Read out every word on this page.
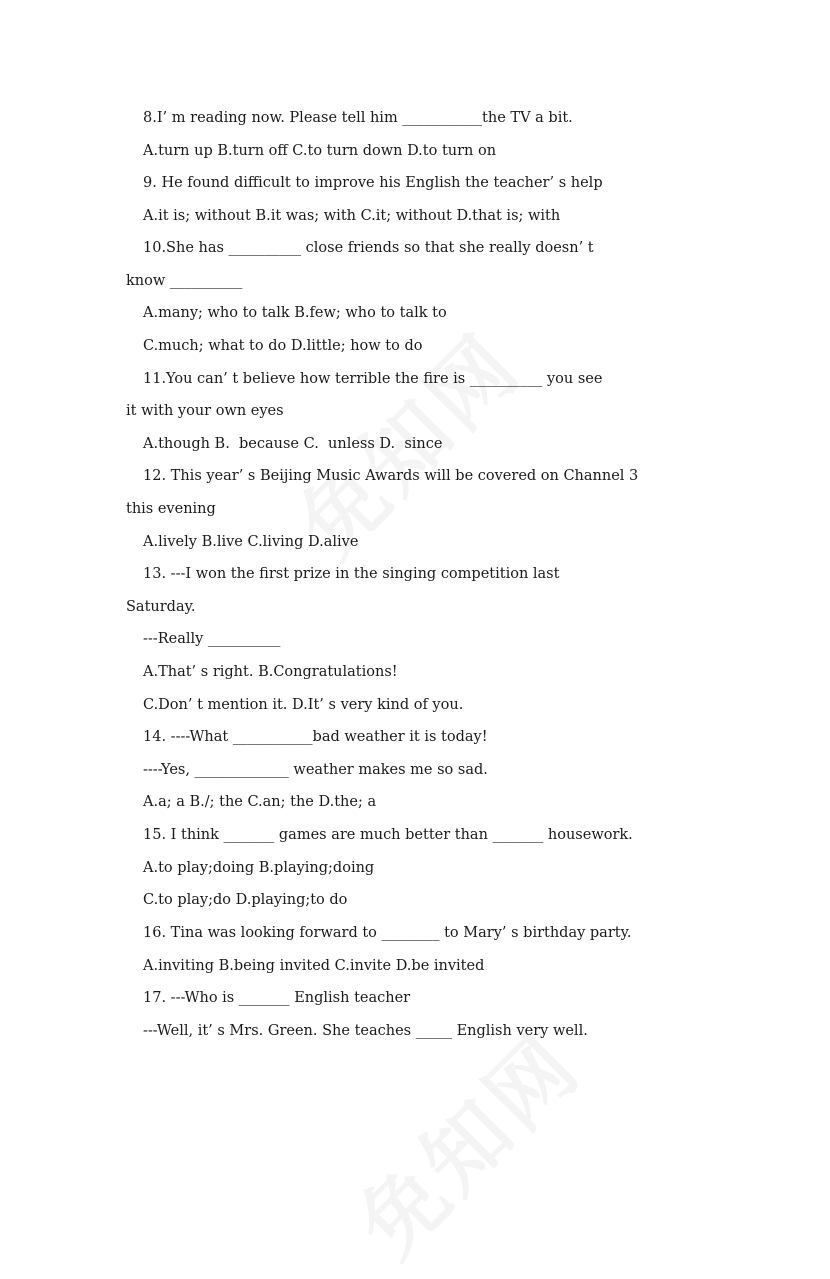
8.I’ m reading now. Please tell him ___________the TV a bit.
A.turn up B.turn off C.to turn down D.to turn on
9. He found difficult to improve his English the teacher’ s help
A.it is; without B.it was; with C.it; without D.that is; with
10.She has __________ close friends so that she really doesn’ t
know __________
A.many; who to talk B.few; who to talk to
C.much; what to do D.little; how to do
11.You can’ t believe how terrible the fire is __________ you see
it with your own eyes
A.though B.  because C.  unless D.  since
12. This year’ s Beijing Music Awards will be covered on Channel 3
this evening
A.lively B.live C.living D.alive
13. ---I won the first prize in the singing competition last
Saturday.
---Really __________
A.That’ s right. B.Congratulations!
C.Don’ t mention it. D.It’ s very kind of you.
14. ----What ___________bad weather it is today!
----Yes, _____________ weather makes me so sad.
A.a; a B./; the C.an; the D.the; a
15. I think _______ games are much better than _______ housework.
A.to play;doing B.playing;doing
C.to play;do D.playing;to do
16. Tina was looking forward to ________ to Mary’ s birthday party.
A.inviting B.being invited C.invite D.be invited
17. ---Who is _______ English teacher
---Well, it’ s Mrs. Green. She teaches _____ English very well.
